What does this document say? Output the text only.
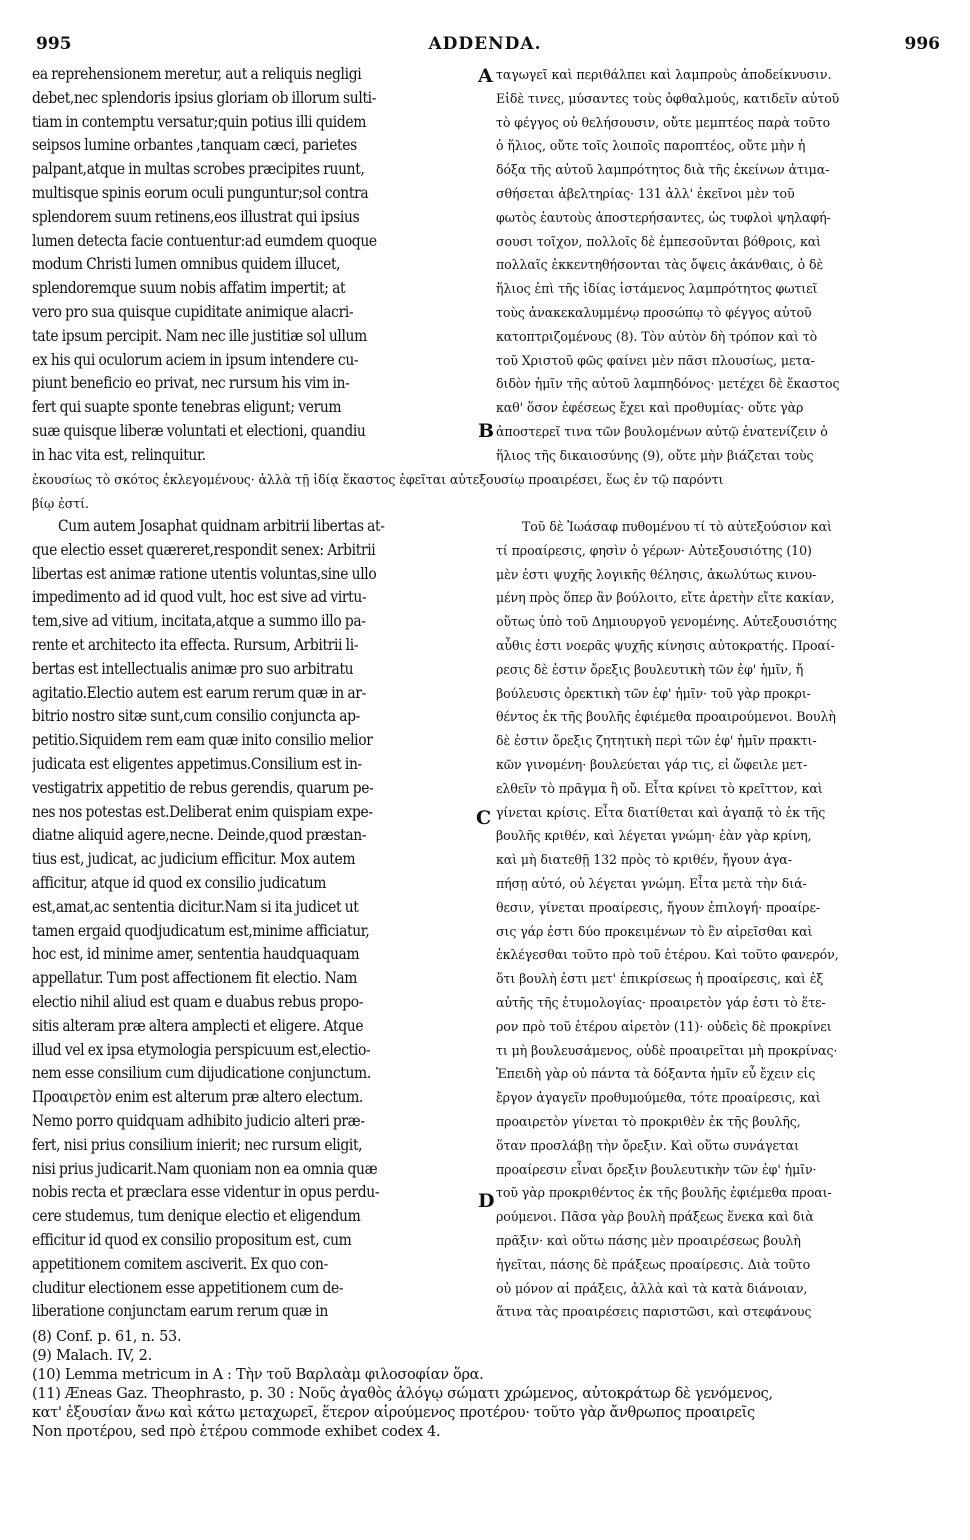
995	ADDENDA.	996
A
B
C
D
ea reprehensionem meretur, aut a reliquis negligi
debet,nec splendoris ipsius gloriam ob illorum sulti-
tiam in contemptu versatur;quin potius illi quidem
seipsos lumine orbantes ,tanquam cæci, parietes
palpant,atque in multas scrobes præcipites ruunt,
multisque spinis eorum oculi punguntur;sol contra
splendorem suum retinens,eos illustrat qui ipsius
lumen detecta facie contuentur:ad eumdem quoque
modum Christi lumen omnibus quidem illucet,
splendoremque suum nobis affatim impertit; at
vero pro sua quisque cupiditate animique alacri-
tate ipsum percipit. Nam nec ille justitiæ sol ullum
ex his qui oculorum aciem in ipsum intendere cu-
piunt beneficio eo privat, nec rursum his vim in-
fert qui suapte sponte tenebras eligunt; verum
suæ quisque liberæ voluntati et electioni, quandiu
in hac vita est, relinquitur.
ταγωγεῖ καὶ περιθάλπει καὶ λαμπροὺς ἀποδείκνυσιν.
Εἰδὲ τινες, μύσαντες τοὺς ὀφθαλμούς, κατιδεῖν αὐτοῦ
τὸ φέγγος οὐ θελήσουσιν, οὔτε μεμπτέος παρὰ τοῦτο
ὁ ἥλιος, οὔτε τοῖς λοιποῖς παροπτέος, οὔτε μὴν ἡ
δόξα τῆς αὐτοῦ λαμπρότητος διὰ τῆς ἐκείνων ἀτιμα-
σθήσεται ἀβελτηρίας· 131 ἀλλ' ἐκεῖνοι μὲν τοῦ
φωτὸς ἑαυτοὺς ἀποστερήσαντες, ὡς τυφλοὶ ψηλαφή-
σουσι τοῖχον, πολλοῖς δὲ ἐμπεσοῦνται βόθροις, καὶ
πολλαῖς ἐκκεντηθήσονται τὰς ὄψεις ἀκάνθαις, ὁ δὲ
ἥλιος ἐπὶ τῆς ἰδίας ἱστάμενος λαμπρότητος φωτιεῖ
τοὺς ἀνακεκαλυμμένῳ προσώπῳ τὸ φέγγος αὐτοῦ
κατοπτριζομένους (8). Τὸν αὐτὸν δὴ τρόπον καὶ τὸ
τοῦ Χριστοῦ φῶς φαίνει μὲν πᾶσι πλουσίως, μετα-
διδὸν ἡμῖν τῆς αὐτοῦ λαμπηδόνος· μετέχει δὲ ἕκαστος
καθ' ὅσον ἐφέσεως ἔχει καὶ προθυμίας· οὔτε γὰρ
ἀποστερεῖ τινα τῶν βουλομένων αὐτῷ ἐνατενίζειν ὁ
ἥλιος τῆς δικαιοσύνης (9), οὔτε μὴν βιάζεται τοὺς
ἑκουσίως τὸ σκότος ἐκλεγομένους· ἀλλὰ τῇ ἰδίᾳ ἕκαστος ἐφεῖται αὐτεξουσίῳ προαιρέσει, ἕως ἐν τῷ παρόντι
βίῳ ἐστί.
Cum autem Josaphat quidnam arbitrii libertas at-
que electio esset quæreret,respondit senex: Arbitrii
libertas est animæ ratione utentis voluntas,sine ullo
impedimento ad id quod vult, hoc est sive ad virtu-
tem,sive ad vitium, incitata,atque a summo illo pa-
rente et architecto ita effecta. Rursum, Arbitrii li-
bertas est intellectualis animæ pro suo arbitratu
agitatio.Electio autem est earum rerum quæ in ar-
bitrio nostro sitæ sunt,cum consilio conjuncta ap-
petitio.Siquidem rem eam quæ inito consilio melior
judicata est eligentes appetimus.Consilium est in-
vestigatrix appetitio de rebus gerendis, quarum pe-
nes nos potestas est.Deliberat enim quispiam expe-
diatne aliquid agere,necne. Deinde,quod præstan-
tius est, judicat, ac judicium efficitur. Mox autem
afficitur, atque id quod ex consilio judicatum
est,amat,ac sententia dicitur.Nam si ita judicet ut
tamen ergaid quodjudicatum est,minime afficiatur,
hoc est, id minime amer, sententia haudquaquam
appellatur. Tum post affectionem fit electio. Nam
electio nihil aliud est quam e duabus rebus propo-
sitis alteram præ altera amplecti et eligere. Atque
illud vel ex ipsa etymologia perspicuum est,electio-
nem esse consilium cum dijudicatione conjunctum.
Προαιρετὸν enim est alterum præ altero electum.
Nemo porro quidquam adhibito judicio alteri præ-
fert, nisi prius consilium inierit; nec rursum eligit,
nisi prius judicarit.Nam quoniam non ea omnia quæ
nobis recta et præclara esse videntur in opus perdu-
cere studemus, tum denique electio et eligendum
efficitur id quod ex consilio propositum est, cum
appetitionem comitem asciverit. Ex quo con-
cluditur electionem esse appetitionem cum de-
liberatione conjunctam earum rerum quæ in
Τοῦ δὲ Ἰωάσαφ πυθομένου τί τὸ αὐτεξούσιον καὶ
τί προαίρεσις, φησὶν ὁ γέρων· Αὐτεξουσιότης (10)
μὲν ἐστι ψυχῆς λογικῆς θέλησις, ἀκωλύτως κινου-
μένη πρὸς ὅπερ ἂν βούλοιτο, εἴτε ἀρετὴν εἴτε κακίαν,
οὕτως ὑπὸ τοῦ Δημιουργοῦ γενομένης. Αὐτεξουσιότης
αὖθις ἐστι νοερᾶς ψυχῆς κίνησις αὐτοκρατής. Προαί-
ρεσις δὲ ἐστιν ὄρεξις βουλευτικὴ τῶν ἐφ' ἡμῖν, ἤ
βούλευσις ὀρεκτικὴ τῶν ἐφ' ἡμῖν· τοῦ γὰρ προκρι-
θέντος ἐκ τῆς βουλῆς ἐφιέμεθα προαιρούμενοι. Βουλὴ
δὲ ἐστιν ὄρεξις ζητητικὴ περὶ τῶν ἐφ' ἡμῖν πρακτι-
κῶν γινομένη· βουλεύεται γάρ τις, εἰ ὤφειλε μετ-
ελθεῖν τὸ πρᾶγμα ἢ οὔ. Εἶτα κρίνει τὸ κρεῖττον, καὶ
γίνεται κρίσις. Εἶτα διατίθεται καὶ ἀγαπᾷ τὸ ἐκ τῆς
βουλῆς κριθέν, καὶ λέγεται γνώμη· ἐὰν γὰρ κρίνη,
καὶ μὴ διατεθῇ 132 πρὸς τὸ κριθέν, ἤγουν ἀγα-
πήσῃ αὐτό, οὐ λέγεται γνώμη. Εἶτα μετὰ τὴν διά-
θεσιν, γίνεται προαίρεσις, ἤγουν ἐπιλογή· προαίρε-
σις γάρ ἐστι δύο προκειμένων τὸ ἓν αἱρεῖσθαι καὶ
ἐκλέγεσθαι τοῦτο πρὸ τοῦ ἑτέρου. Καὶ τοῦτο φανερόν,
ὅτι βουλὴ ἐστι μετ' ἐπικρίσεως ἡ προαίρεσις, καὶ ἐξ
αὐτῆς τῆς ἐτυμολογίας· προαιρετὸν γάρ ἐστι τὸ ἕτε-
ρον πρὸ τοῦ ἑτέρου αἱρετὸν (11)· οὐδεὶς δὲ προκρίνει
τι μὴ βουλευσάμενος, οὐδὲ προαιρεῖται μὴ προκρίνας·
Ἐπειδὴ γὰρ οὐ πάντα τὰ δόξαντα ἡμῖν εὖ ἔχειν εἰς
ἔργον ἀγαγεῖν προθυμούμεθα, τότε προαίρεσις, καὶ
προαιρετὸν γίνεται τὸ προκριθὲν ἐκ τῆς βουλῆς,
ὅταν προσλάβῃ τὴν ὄρεξιν. Καὶ οὕτω συνάγεται
προαίρεσιν εἶναι ὄρεξιν βουλευτικὴν τῶν ἐφ' ἡμῖν·
τοῦ γὰρ προκριθέντος ἐκ τῆς βουλῆς ἐφιέμεθα προαι-
ρούμενοι. Πᾶσα γὰρ βουλὴ πράξεως ἕνεκα καὶ διὰ
πρᾶξιν· καὶ οὕτω πάσης μὲν προαιρέσεως βουλὴ
ἡγεῖται, πάσης δὲ πράξεως προαίρεσις. Διὰ τοῦτο
οὐ μόνον αἱ πράξεις, ἀλλὰ καὶ τὰ κατὰ διάνοιαν,
ἅτινα τὰς προαιρέσεις παριστῶσι, καὶ στεφάνους
(8) Conf. p. 61, n. 53.
(9) Malach. IV, 2.
(10) Lemma metricum in A : Τὴν τοῦ Βαρλαὰμ φιλοσοφίαν ὅρα.
(11) Æneas Gaz. Theophrasto, p. 30 : Νοῦς ἀγαθὸς ἀλόγῳ σώματι χρώμενος, αὐτοκράτωρ δὲ γενόμενος,
κατ' ἐξουσίαν ἄνω καὶ κάτω μεταχωρεῖ, ἕτερον αἱρούμενος προτέρου· τοῦτο γὰρ ἄνθρωπος προαιρεῖς
Non προτέρου, sed πρὸ ἑτέρου commode exhibet codex 4.
